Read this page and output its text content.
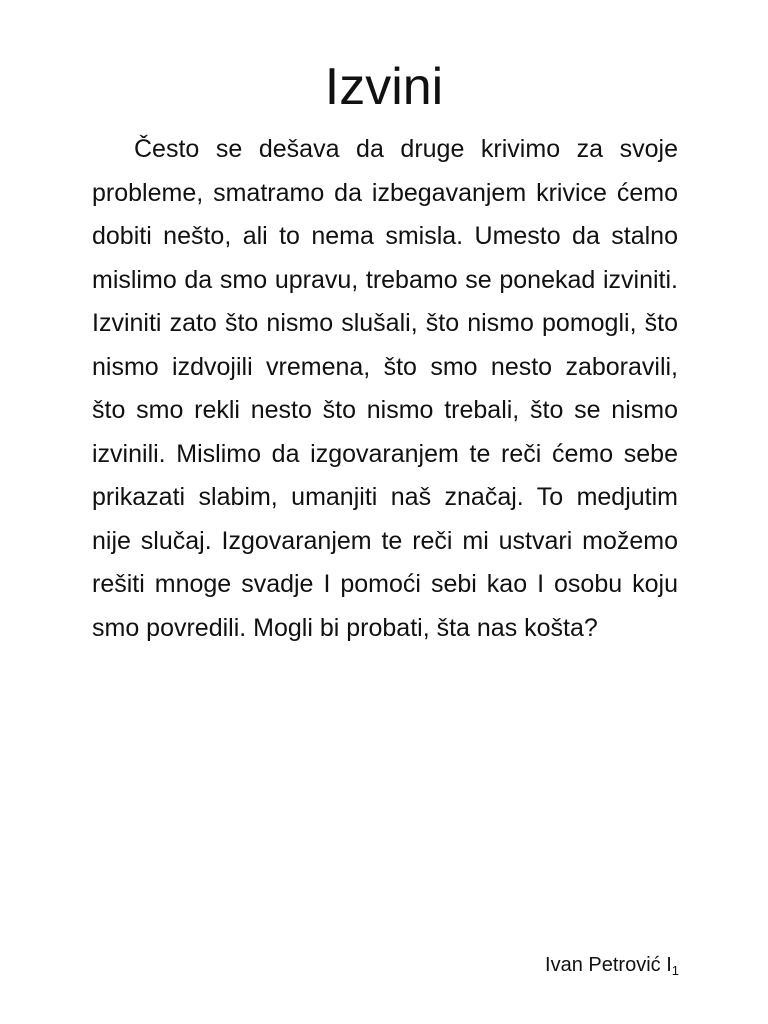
Izvini

Često se dešava da druge krivimo za svoje probleme, smatramo da izbegavanjem krivice ćemo dobiti nešto, ali to nema smisla. Umesto da stalno mislimo da smo upravu, trebamo se ponekad izviniti. Izviniti zato što nismo slušali, što nismo pomogli, što nismo izdvojili vremena, što smo nesto zaboravili, što smo rekli nesto što nismo trebali, što se nismo izvinili. Mislimo da izgovaranjem te reči ćemo sebe prikazati slabim, umanjiti naš značaj. To medjutim nije slučaj. Izgovaranjem te reči mi ustvari možemo rešiti mnoge svadje I pomoći sebi kao I osobu koju smo povredili. Mogli bi probati, šta nas košta?

Ivan Petrović $I_1$
